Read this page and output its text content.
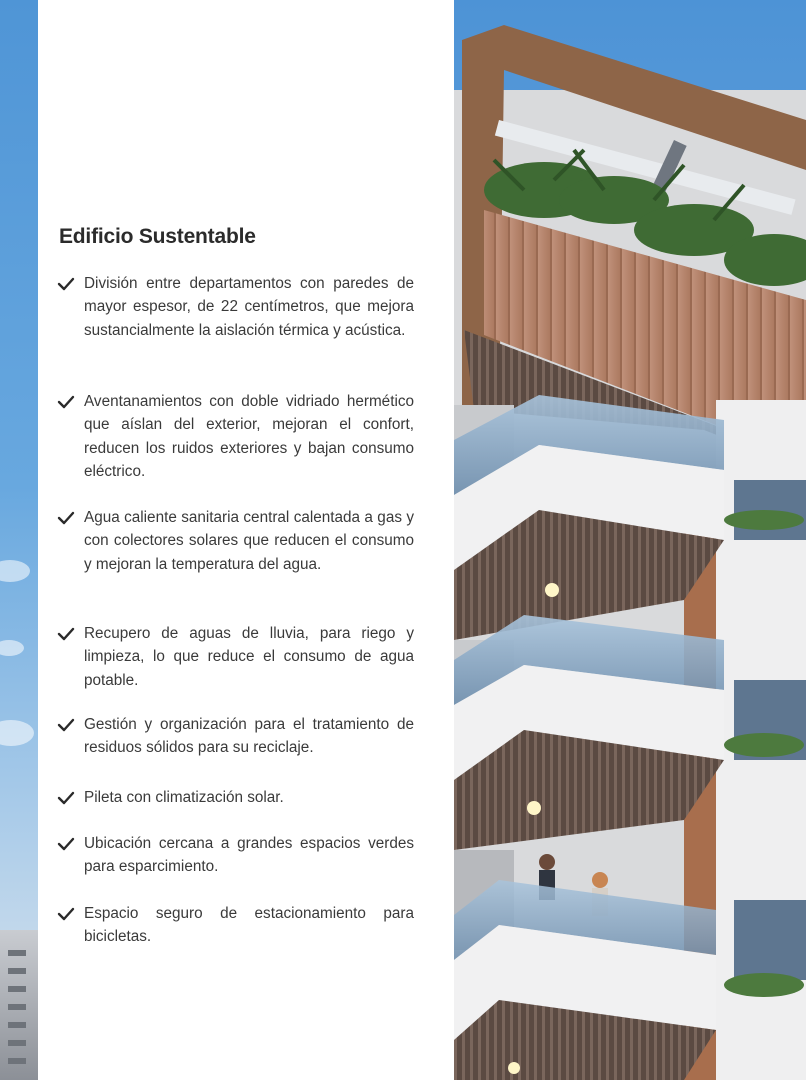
Edificio Sustentable
División entre departamentos con paredes de mayor espesor, de 22 centímetros, que mejora sustancialmente la aislación térmica y acústica.
Aventanamientos con doble vidriado hermético que aíslan del exterior, mejoran el confort, reducen los ruidos exteriores y bajan consumo eléctrico.
Agua caliente sanitaria central calentada a gas y con colectores solares que reducen el consumo y mejoran la temperatura del agua.
Recupero de aguas de lluvia, para riego y limpieza, lo que reduce el consumo de agua potable.
Gestión y organización para el tratamiento de residuos sólidos para su reciclaje.
Pileta con climatización solar.
Ubicación cercana a grandes espacios verdes para esparcimiento.
Espacio seguro de estacionamiento para bicicletas.
